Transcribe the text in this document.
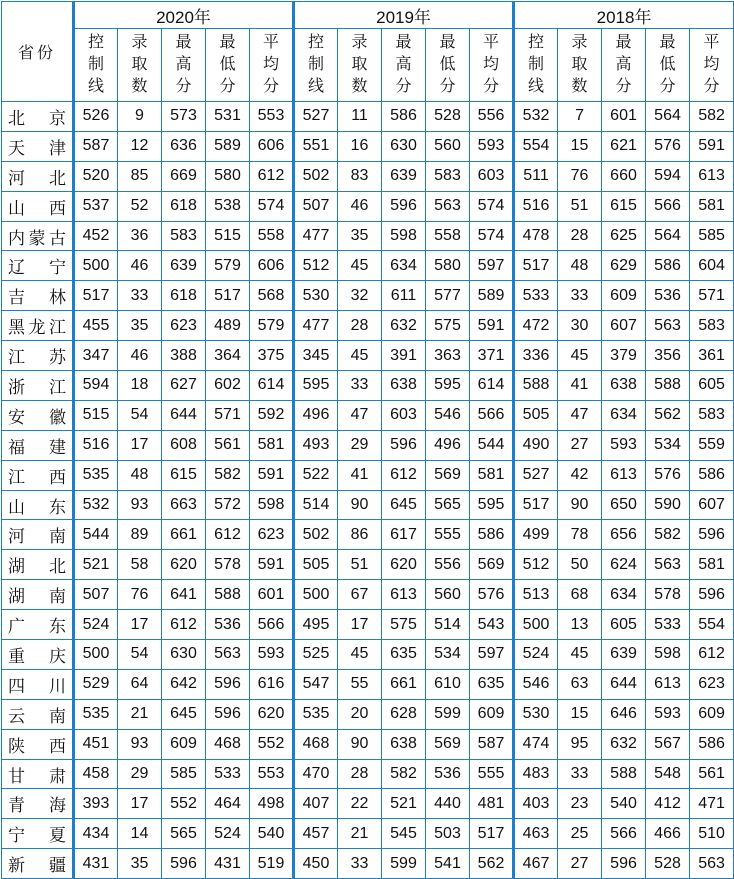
省份	2020年					2019年					2018年				

	控
制
线	录
取
数	最
高
分	最
低
分	平
均
分	控
制
线	录
取
数	最
高
分	最
低
分	平
均
分	控
制
线	录
取
数	最
高
分	最
低
分	平
均
分

北 京	526	9	573	531	553	527	11	586	528	556	532	7	601	564	582
天 津	587	12	636	589	606	551	16	630	560	593	554	15	621	576	591
河 北	520	85	669	580	612	502	83	639	583	603	511	76	660	594	613
山 西	537	52	618	538	574	507	46	596	563	574	516	51	615	566	581
内蒙古	452	36	583	515	558	477	35	598	558	574	478	28	625	564	585
辽 宁	500	46	639	579	606	512	45	634	580	597	517	48	629	586	604
吉 林	517	33	618	517	568	530	32	611	577	589	533	33	609	536	571
黑龙江	455	35	623	489	579	477	28	632	575	591	472	30	607	563	583
江 苏	347	46	388	364	375	345	45	391	363	371	336	45	379	356	361
浙 江	594	18	627	602	614	595	33	638	595	614	588	41	638	588	605
安 徽	515	54	644	571	592	496	47	603	546	566	505	47	634	562	583
福 建	516	17	608	561	581	493	29	596	496	544	490	27	593	534	559
江 西	535	48	615	582	591	522	41	612	569	581	527	42	613	576	586
山 东	532	93	663	572	598	514	90	645	565	595	517	90	650	590	607
河 南	544	89	661	612	623	502	86	617	555	586	499	78	656	582	596
湖 北	521	58	620	578	591	505	51	620	556	569	512	50	624	563	581
湖 南	507	76	641	588	601	500	67	613	560	576	513	68	634	578	596
广 东	524	17	612	536	566	495	17	575	514	543	500	13	605	533	554
重 庆	500	54	630	563	593	525	45	635	534	597	524	45	639	598	612
四 川	529	64	642	596	616	547	55	661	610	635	546	63	644	613	623
云 南	535	21	645	596	620	535	20	628	599	609	530	15	646	593	609
陕 西	451	93	609	468	552	468	90	638	569	587	474	95	632	567	586
甘 肃	458	29	585	533	553	470	28	582	536	555	483	33	588	548	561
青 海	393	17	552	464	498	407	22	521	440	481	403	23	540	412	471
宁 夏	434	14	565	524	540	457	21	545	503	517	463	25	566	466	510
新 疆	431	35	596	431	519	450	33	599	541	562	467	27	596	528	563
